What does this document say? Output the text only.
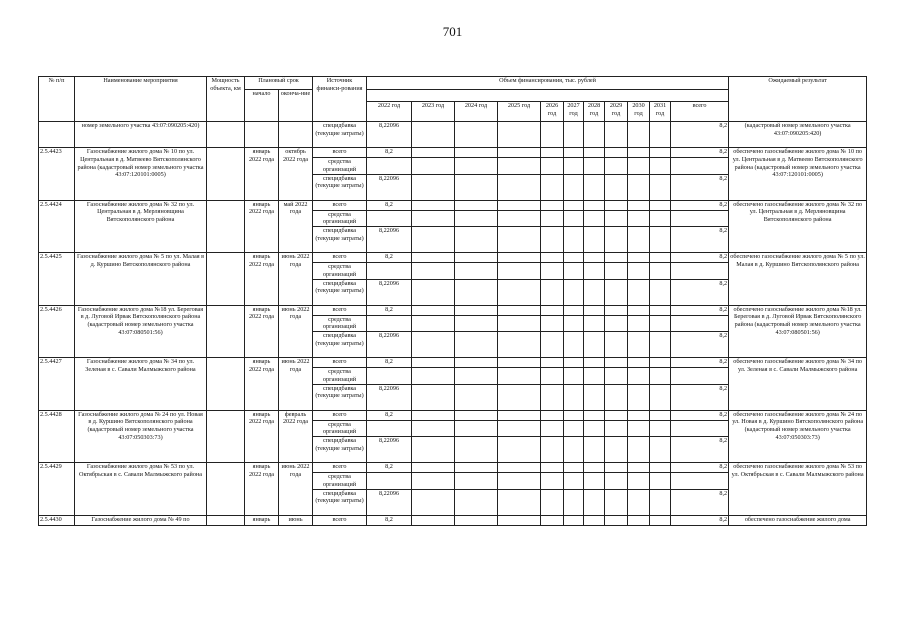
701
№ п/п	Наименование мероприятия	Мощность объекта, км	Плановый срок		Источник финанси-рования	Объем финансирования, тыс. рублей											Ожидаемый результат
			начало	оконча-ние													
						2022 год	2023 год	2024 год	2025 год	2026 год	2027 год	2028 год	2029 год	2030 год	2031 год	всего	
	номер земельного участка 43:07:090205:420)				специдбавка (текущие затраты)	8,22096										8,2	(кадастровый номер земельного участка 43:07:090205:420)
2.5.4423	Газоснабжение жилого дома № 10 по ул. Центральная в д. Матвеево Вятскополянского района (кадастровый номер земельного участка 43:07:120101:0005)		январь 2022 года	октябрь 2022 года	всего	8,2										8,2	обеспечено газоснабжение жилого дома № 10 по ул. Центральная в д. Матвеево Вятскополянского района (кадастровый номер земельного участка 43:07:120101:0005)
					средства организаций												
					специдбавка (текущие затраты)	8,22096										8,2	
2.5.4424	Газоснабжение жилого дома № 32 по ул. Центральная в д. Мерляновщина Вятскополянского района		январь 2022 года	май 2022 года	всего	8,2										8,2	обеспечено газоснабжение жилого дома № 32 по ул. Центральная в д. Мерляновщина Вятскополянского района
					средства организаций												
					специдбавка (текущие затраты)	8,22096										8,2	
2.5.4425	Газоснабжение жилого дома № 5 по ул. Малая в д. Куршино Вятскополянского района		январь 2022 года	июнь 2022 года	всего	8,2										8,2	обеспечено газоснабжение жилого дома № 5 по ул. Малая в д. Куршино Вятскополянского района
					средства организаций												
					специдбавка (текущие затраты)	8,22096										8,2	
2.5.4426	Газоснабжение жилого дома №18 ул. Береговая в д. Луговой Ирвак Вятскополянского района (кадастровый номер земельного участка 43:07:080501:56)		январь 2022 года	июнь 2022 года	всего	8,2										8,2	обеспечено газоснабжение жилого дома №18 ул. Береговая в д. Луговой Ирвак Вятскополянского района (кадастровый номер земельного участка 43:07:080501:56)
					средства организаций												
					специдбавка (текущие затраты)	8,22096										8,2	
2.5.4427	Газоснабжение жилого дома № 34 по ул. Зеленая в с. Савали Малмыжского района		январь 2022 года	июнь 2022 года	всего	8,2										8,2	обеспечено газоснабжение жилого дома № 34 по ул. Зеленая в с. Савали Малмыжского района
					средства организаций												
					специдбавка (текущие затраты)	8,22096										8,2	
2.5.4428	Газоснабжение жилого дома № 24 по ул. Новая в д. Куршино Вятскополянского района (кадастровый номер земельного участка 43:07:050303:73)		январь 2022 года	февраль 2022 года	всего	8,2										8,2	обеспечено газоснабжение жилого дома № 24 по ул. Новая в д. Куршино Вятскополянского района (кадастровый номер земельного участка 43:07:050303:73)
					средства организаций												
					специдбавка (текущие затраты)	8,22096										8,2	
2.5.4429	Газоснабжение жилого дома № 53 по ул. Октябрьская в с. Савали Малмыжского района		январь 2022 года	июнь 2022 года	всего	8,2										8,2	обеспечено газоснабжение жилого дома № 53 по ул. Октябрьская в с. Савали Малмыжского района
					средства организаций												
					специдбавка (текущие затраты)	8,22096										8,2	
2.5.4430	Газоснабжение жилого дома № 49 по		январь	июнь	всего	8,2										8,2	обеспечено газоснабжение жилого дома
